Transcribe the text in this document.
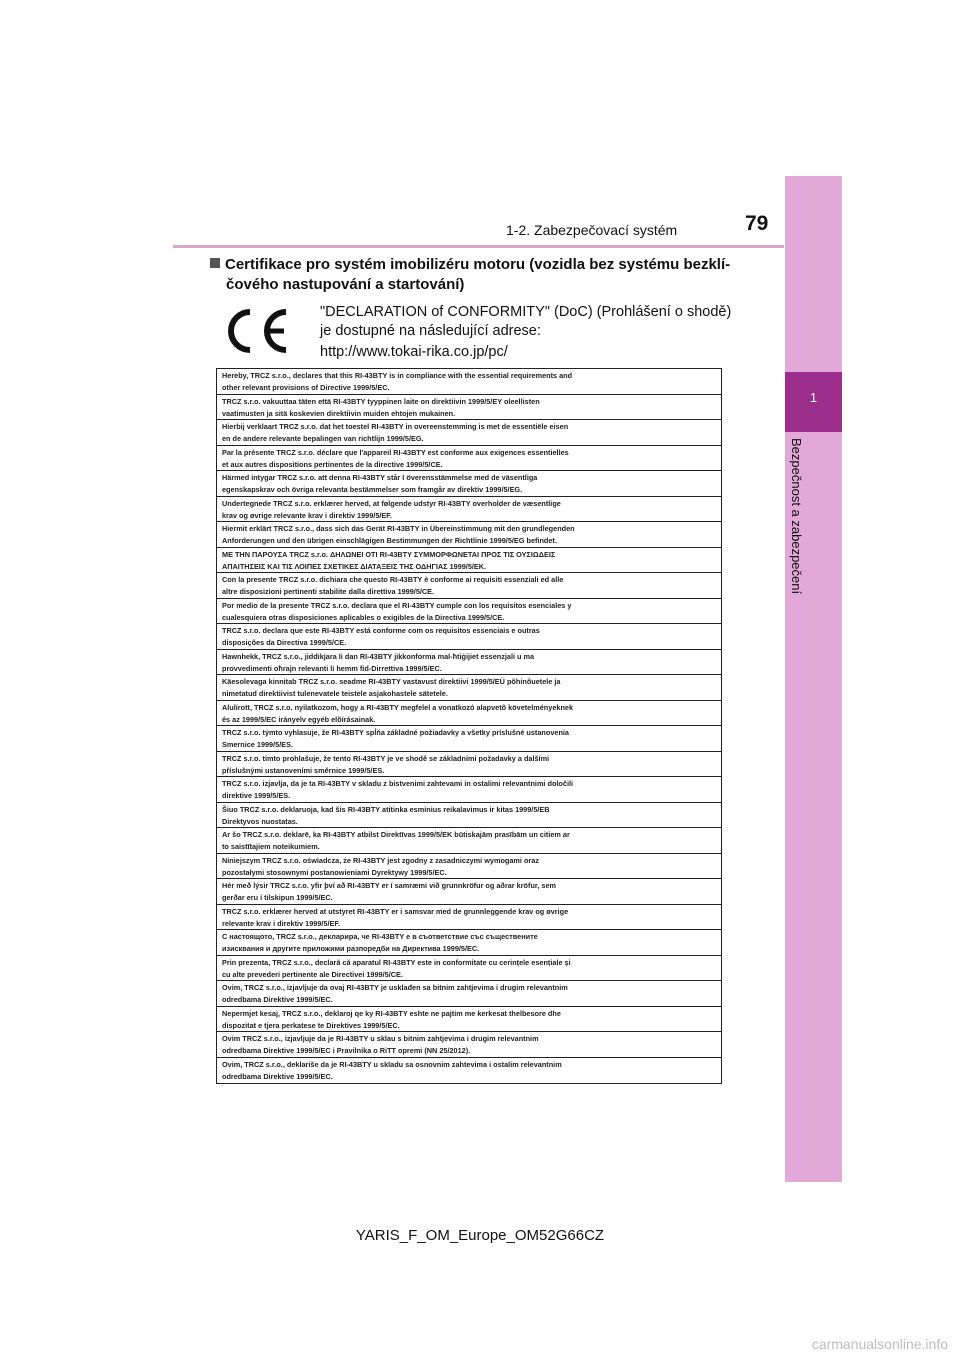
1
Bezpečnost a zabezpečení
1-2. Zabezpečovací systém	79
Certifikace pro systém imobilizéru motoru (vozidla bez systému bezklí-
čového nastupování a startování)
"DECLARATION of CONFORMITY" (DoC) (Prohlášení o shodě)
je dostupné na následující adrese:
http://www.tokai-rika.co.jp/pc/
Hereby, TRCZ s.r.o., declares that this RI-43BTY is in compliance with the essential requirements and
other relevant provisions of Directive 1999/5/EC.
TRCZ s.r.o. vakuuttaa täten että RI-43BTY tyyppinen laite on direktiivin 1999/5/EY oleellisten
vaatimusten ja sitä koskevien direktiivin muiden ehtojen mukainen.
Hierbij verklaart TRCZ s.r.o. dat het toestel RI-43BTY in overeenstemming is met de essentiële eisen
en de andere relevante bepalingen van richtlijn 1999/5/EG.
Par la présente TRCZ s.r.o. déclare que l'appareil RI-43BTY est conforme aux exigences essentielles
et aux autres dispositions pertinentes de la directive 1999/5/CE.
Härmed intygar TRCZ s.r.o. att denna RI-43BTY står I överensstämmelse med de väsentliga
egenskapskrav och övriga relevanta bestämmelser som framgår av direktiv 1999/5/EG.
Undertegnede TRCZ s.r.o. erklærer herved, at følgende udstyr RI-43BTY overholder de væsentlige
krav og øvrige relevante krav i direktiv 1999/5/EF.
Hiermit erklärt TRCZ s.r.o., dass sich das Gerät RI-43BTY in Übereinstimmung mit den grundlegenden
Anforderungen und den übrigen einschlägigen Bestimmungen der Richtlinie 1999/5/EG befindet.
ΜΕ ΤΗΝ ΠΑΡΟΥΣΑ TRCZ s.r.o. ΔΗΛΩΝΕΙ ΟΤΙ RI-43BTY ΣΥΜΜΟΡΦΩΝΕΤΑΙ ΠΡΟΣ ΤΙΣ ΟΥΣΙΩΔΕΙΣ
ΑΠΑΙΤΗΣΕΙΣ ΚΑΙ ΤΙΣ ΛΟΙΠΕΣ ΣΧΕΤΙΚΕΣ ΔΙΑΤΑΞΕΙΣ ΤΗΣ ΟΔΗΓΙΑΣ 1999/5/ΕΚ.
Con la presente TRCZ s.r.o. dichiara che questo RI-43BTY è conforme ai requisiti essenziali ed alle
altre disposizioni pertinenti stabilite dalla direttiva 1999/5/CE.
Por medio de la presente TRCZ s.r.o. declara que el RI-43BTY cumple con los requisitos esenciales y
cualesquiera otras disposiciones aplicables o exigibles de la Directiva 1999/5/CE.
TRCZ s.r.o. declara que este RI-43BTY está conforme com os requisitos essenciais e outras
disposições da Directiva 1999/5/CE.
Hawnhekk, TRCZ s.r.o., jiddikjara li dan RI-43BTY jikkonforma mal-ħtiġijiet essenzjali u ma
provvedimenti oħrajn relevanti li hemm fid-Dirrettiva 1999/5/EC.
Käesolevaga kinnitab TRCZ s.r.o. seadme RI-43BTY vastavust direktiivi 1999/5/EÜ põhinõuetele ja
nimetatud direktiivist tulenevatele teistele asjakohastele sätetele.
Alulírott, TRCZ s.r.o. nyilatkozom, hogy a RI-43BTY megfelel a vonatkozó alapvetõ követelményeknek
és az 1999/5/EC irányelv egyéb elõírásainak.
TRCZ s.r.o. týmto vyhlasuje, že RI-43BTY spĺňa základné požiadavky a všetky príslušné ustanovenia
Smernice 1999/5/ES.
TRCZ s.r.o. tímto prohlašuje, že tento RI-43BTY je ve shodě se základními požadavky a dalšími
příslušnými ustanoveními směrnice 1999/5/ES.
TRCZ s.r.o. izjavlja, da je ta RI-43BTY v skladu z bistvenimi zahtevami in ostalimi relevantnimi določili
direktive 1999/5/ES.
Šiuo TRCZ s.r.o. deklaruoja, kad šis RI-43BTY atitinka esminius reikalavimus ir kitas 1999/5/EB
Direktyvos nuostatas.
Ar šo TRCZ s.r.o. deklarē, ka RI-43BTY atbilst Direktīvas 1999/5/EK būtiskajām prasībām un citiem ar
to saistītajiem noteikumiem.
Niniejszym TRCZ s.r.o. oświadcza, że RI-43BTY jest zgodny z zasadniczymi wymogami oraz
pozostałymi stosownymi postanowieniami Dyrektywy 1999/5/EC.
Hér með lýsir TRCZ s.r.o. yfir því að RI-43BTY er í samræmi við grunnkröfur og aðrar kröfur, sem
gerðar eru í tilskipun 1999/5/EC.
TRCZ s.r.o. erklærer herved at utstyret RI-43BTY er i samsvar med de grunnleggende krav og øvrige
relevante krav i direktiv 1999/5/EF.
С настоящото, TRCZ s.r.o., декларира, че RI-43BTY е в съответствие със съществените
изисквания и другите приложими разпоредби на Директива 1999/5/ЕС.
Prin prezenta, TRCZ s.r.o., declară că aparatul RI-43BTY este in conformitate cu cerințele esențiale și
cu alte prevederi pertinente ale Directivei 1999/5/CE.
Ovim, TRCZ s.r.o., izjavljuje da ovaj RI-43BTY je usklađen sa bitnim zahtjevima i drugim relevantnim
odredbama Direktive 1999/5/EC.
Nepermjet kesaj, TRCZ s.r.o., deklaroj qe ky RI-43BTY eshte ne pajtim me kerkesat thelbesore dhe
dispozitat e tjera perkatese te Direktives 1999/5/EC.
Ovim TRCZ s.r.o., izjavljuje da je RI-43BTY u sklau s bitnim zahtjevima i drugim relevantnim
odredbama Direktive 1999/5/EC i Pravilnika o RiTT opremi (NN 25/2012).
Ovim, TRCZ s.r.o., deklariše da je RI-43BTY u skladu sa osnovnim zahtevima i ostalim relevantnim
odredbama Direktive 1999/5/EC.
YARIS_F_OM_Europe_OM52G66CZ
carmanualsonline.info
